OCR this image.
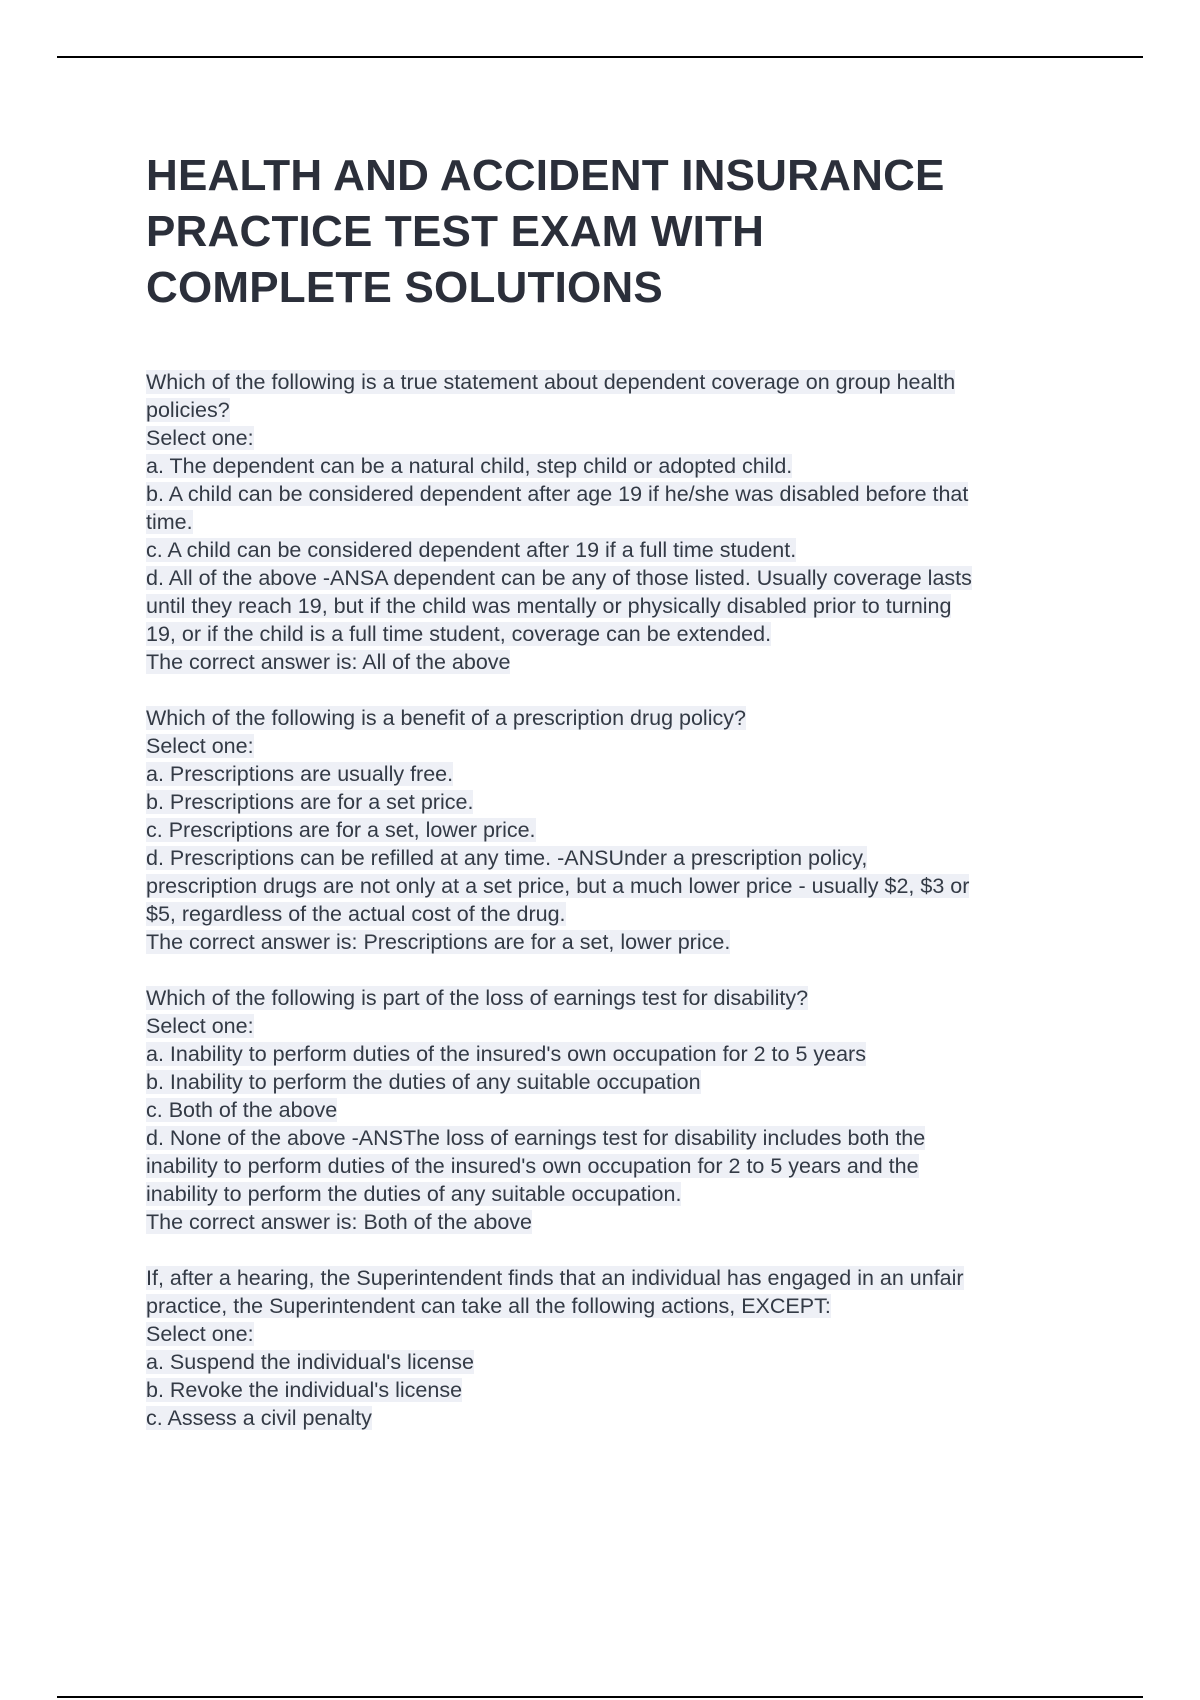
HEALTH AND ACCIDENT INSURANCE
PRACTICE TEST EXAM WITH
COMPLETE SOLUTIONS
Which of the following is a true statement about dependent coverage on group health
policies?
Select one:
a. The dependent can be a natural child, step child or adopted child.
b. A child can be considered dependent after age 19 if he/she was disabled before that
time.
c. A child can be considered dependent after 19 if a full time student.
d. All of the above -ANSA dependent can be any of those listed. Usually coverage lasts
until they reach 19, but if the child was mentally or physically disabled prior to turning
19, or if the child is a full time student, coverage can be extended.
The correct answer is: All of the above
Which of the following is a benefit of a prescription drug policy?
Select one:
a. Prescriptions are usually free.
b. Prescriptions are for a set price.
c. Prescriptions are for a set, lower price.
d. Prescriptions can be refilled at any time. -ANSUnder a prescription policy,
prescription drugs are not only at a set price, but a much lower price - usually $2, $3 or
$5, regardless of the actual cost of the drug.
The correct answer is: Prescriptions are for a set, lower price.
Which of the following is part of the loss of earnings test for disability?
Select one:
a. Inability to perform duties of the insured's own occupation for 2 to 5 years
b. Inability to perform the duties of any suitable occupation
c. Both of the above
d. None of the above -ANSThe loss of earnings test for disability includes both the
inability to perform duties of the insured's own occupation for 2 to 5 years and the
inability to perform the duties of any suitable occupation.
The correct answer is: Both of the above
If, after a hearing, the Superintendent finds that an individual has engaged in an unfair
practice, the Superintendent can take all the following actions, EXCEPT:
Select one:
a. Suspend the individual's license
b. Revoke the individual's license
c. Assess a civil penalty
